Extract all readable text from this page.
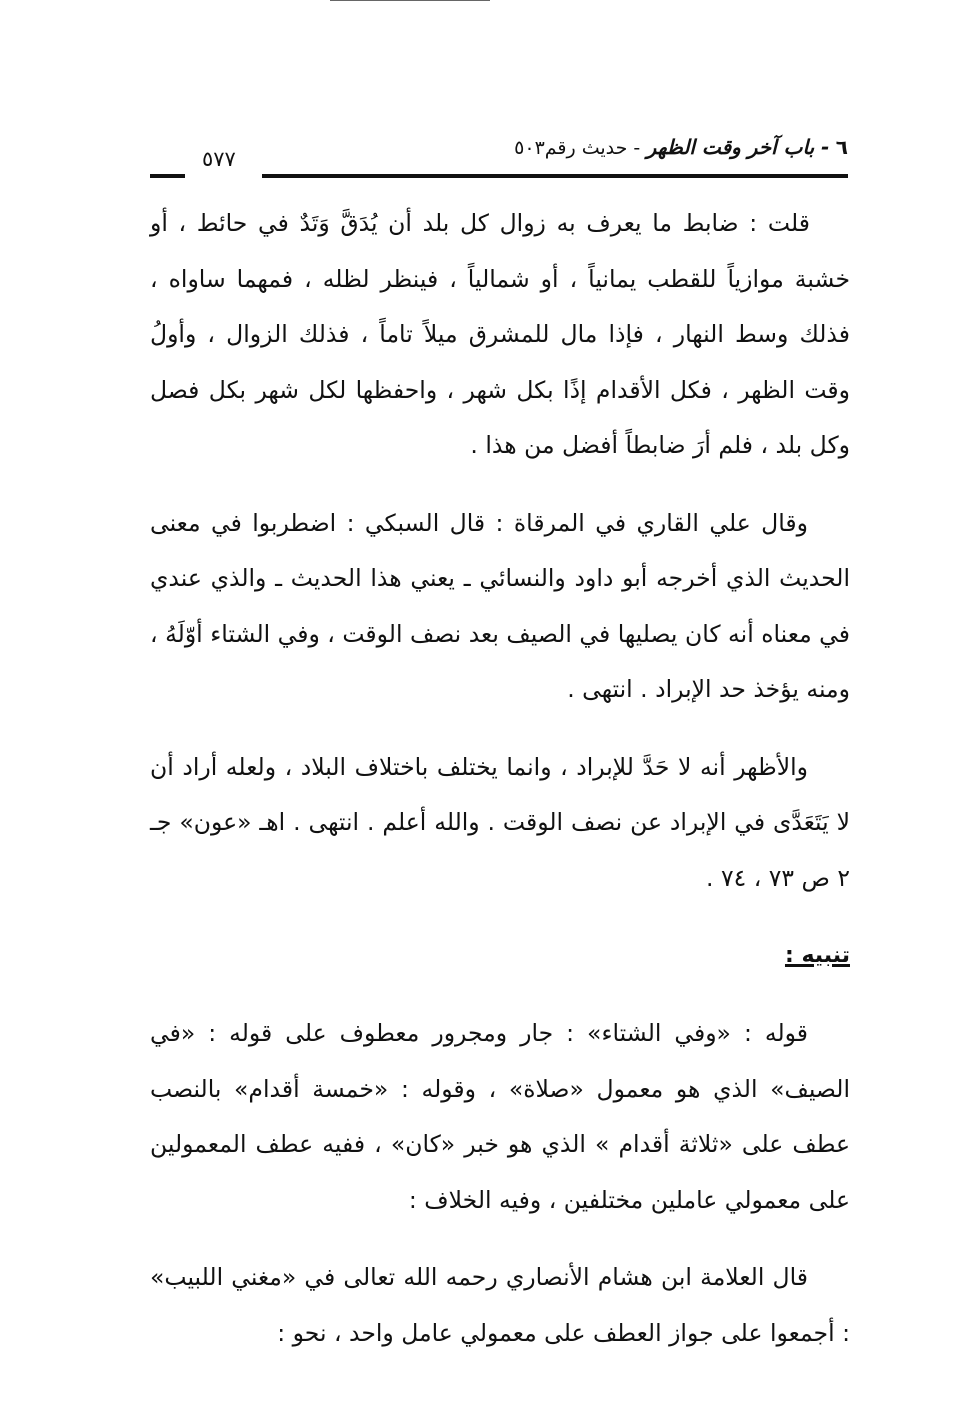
٦ - باب آخر وقت الظهر - حديث رقم٥٠٣
٥٧٧

قلت : ضابط ما يعرف به زوال كل بلد أن يُدَقَّ وَتَدٌ في حائط ، أو خشبة موازياً للقطب يمانياً ، أو شمالياً ، فينظر لظله ، فمهما ساواه ، فذلك وسط النهار ، فإذا مال للمشرق ميلاً تاماً ، فذلك الزوال ، وأولُ وقت الظهر ، فكل الأقدام إذًا بكل شهر ، واحفظها لكل شهر بكل فصل وكل بلد ، فلم أرَ ضابطاً أفضل من هذا .

وقال علي القاري في المرقاة : قال السبكي : اضطربوا في معنى الحديث الذي أخرجه أبو داود والنسائي ـ يعني هذا الحديث ـ والذي عندي في معناه أنه كان يصليها في الصيف بعد نصف الوقت ، وفي الشتاء أوّلَهُ ، ومنه يؤخذ حد الإبراد . انتهى .

والأظهر أنه لا حَدَّ للإبراد ، وانما يختلف باختلاف البلاد ، ولعله أراد أن لا يَتَعَدَّى في الإبراد عن نصف الوقت . والله أعلم . انتهى . اهـ «عون» جـ ٢ ص ٧٣ ، ٧٤ .

تنبيه :

قوله : «وفي الشتاء» : جار ومجرور معطوف على قوله : «في الصيف» الذي هو معمول «صلاة» ، وقوله : «خمسة أقدام» بالنصب عطف على «ثلاثة أقدام » الذي هو خبر «كان» ، ففيه عطف المعمولين على معمولي عاملين مختلفين ، وفيه الخلاف :

قال العلامة ابن هشام الأنصاري رحمه الله تعالى في «مغني اللبيب» : أجمعوا على جواز العطف على معمولي عامل واحد ، نحو :
